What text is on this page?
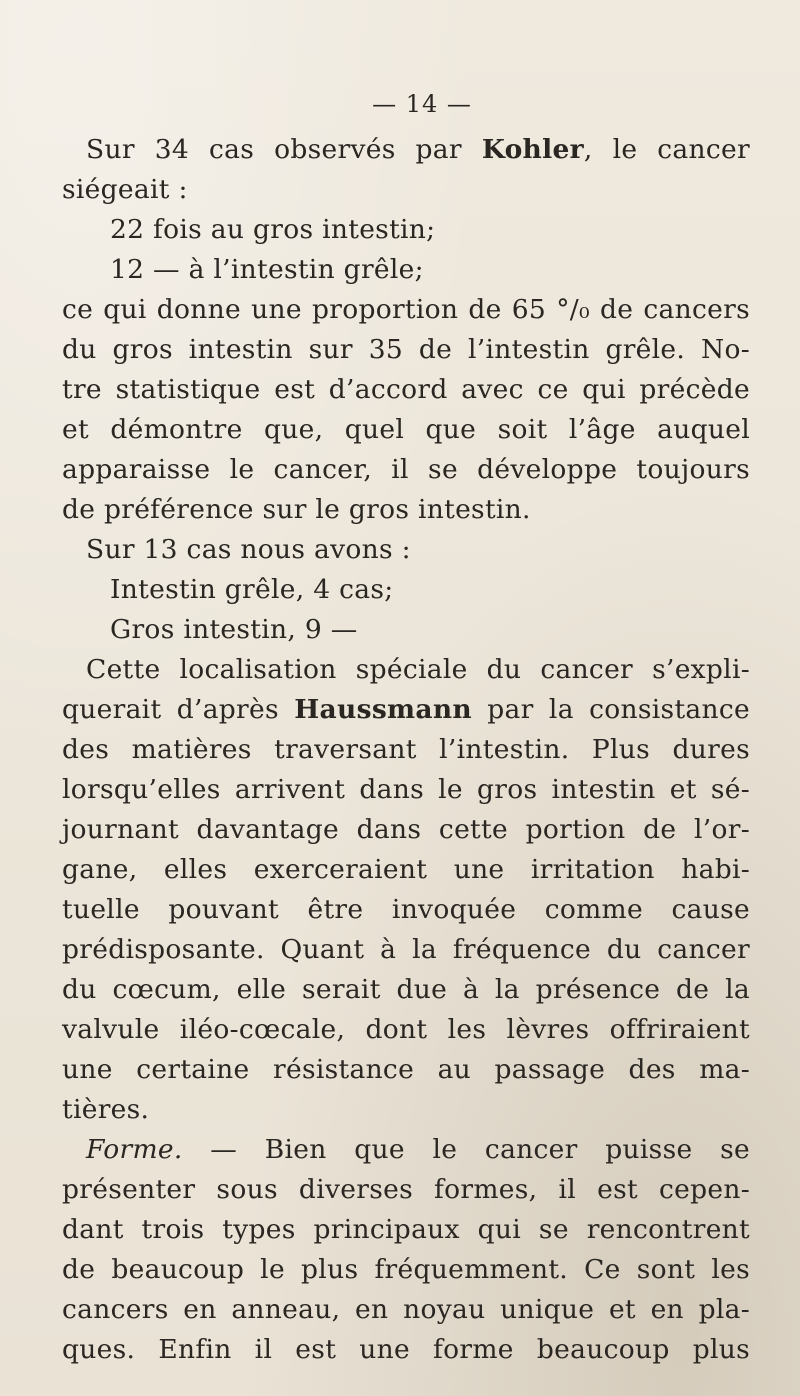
— 14 —
Sur 34 cas observés par Kohler, le cancer
siégeait :
22 fois au gros intestin;
12 — à l’intestin grêle;
ce qui donne une proportion de 65 °/₀ de cancers
du gros intestin sur 35 de l’intestin grêle. No-
tre statistique est d’accord avec ce qui précède
et démontre que, quel que soit l’âge auquel
apparaisse le cancer, il se développe toujours
de préférence sur le gros intestin.
Sur 13 cas nous avons :
Intestin grêle, 4 cas;
Gros intestin, 9 —
Cette localisation spéciale du cancer s’expli-
querait d’après Haussmann par la consistance
des matières traversant l’intestin. Plus dures
lorsqu’elles arrivent dans le gros intestin et sé-
journant davantage dans cette portion de l’or-
gane, elles exerceraient une irritation habi-
tuelle pouvant être invoquée comme cause
prédisposante. Quant à la fréquence du cancer
du cœcum, elle serait due à la présence de la
valvule iléo-cœcale, dont les lèvres offriraient
une certaine résistance au passage des ma-
tières.
Forme. — Bien que le cancer puisse se
présenter sous diverses formes, il est cepen-
dant trois types principaux qui se rencontrent
de beaucoup le plus fréquemment. Ce sont les
cancers en anneau, en noyau unique et en pla-
ques. Enfin il est une forme beaucoup plus
